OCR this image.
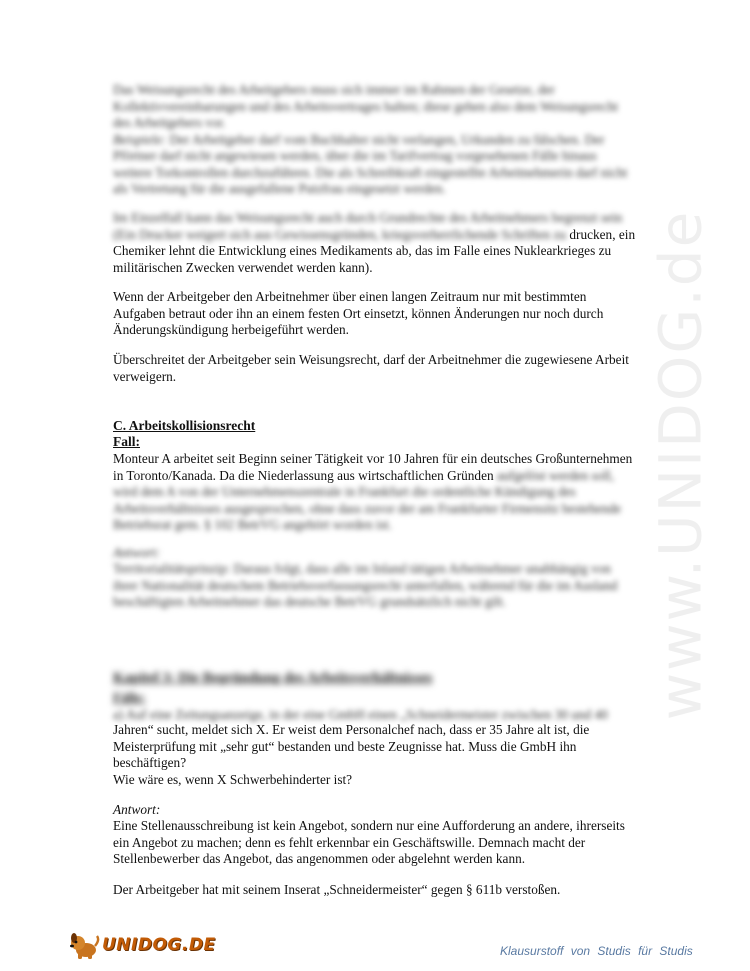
www.UNIDOG.de

Das Weisungsrecht des Arbeitgebers muss sich immer im Rahmen der Gesetze, der Kollektivvereinbarungen und des Arbeitsvertrages halten; diese gehen also dem Weisungsrecht des Arbeitgebers vor.
Beispiele: Der Arbeitgeber darf vom Buchhalter nicht verlangen, Urkunden zu fälschen. Der Pförtner darf nicht angewiesen werden, über die im Tarifvertrag vorgesehenen Fälle hinaus weitere Torkontrollen durchzuführen. Die als Schreibkraft eingestellte Arbeitnehmerin darf nicht als Vertretung für die ausgefallene Putzfrau eingesetzt werden.

Im Einzelfall kann das Weisungsrecht auch durch Grundrechte des Arbeitnehmers begrenzt sein (Ein Drucker weigert sich aus Gewissensgründen, kriegsverherrlichende Schriften zu drucken, ein Chemiker lehnt die Entwicklung eines Medikaments ab, das im Falle eines Nuklearkrieges zu militärischen Zwecken verwendet werden kann).

Wenn der Arbeitgeber den Arbeitnehmer über einen langen Zeitraum nur mit bestimmten Aufgaben betraut oder ihn an einem festen Ort einsetzt, können Änderungen nur noch durch Änderungskündigung herbeigeführt werden.

Überschreitet der Arbeitgeber sein Weisungsrecht, darf der Arbeitnehmer die zugewiesene Arbeit verweigern.

C. Arbeitskollisionsrecht

Fall:

Monteur A arbeitet seit Beginn seiner Tätigkeit vor 10 Jahren für ein deutsches Großunternehmen in Toronto/Kanada. Da die Niederlassung aus wirtschaftlichen Gründen aufgelöst werden soll, wird dem A von der Unternehmenszentrale in Frankfurt die ordentliche Kündigung des Arbeitsverhältnisses ausgesprochen, ohne dass zuvor der am Frankfurter Firmensitz bestehende Betriebsrat gem. § 102 BetrVG angehört worden ist.

Antwort:

Territorialitätsprinzip: Daraus folgt, dass alle im Inland tätigen Arbeitnehmer unabhängig von ihrer Nationalität deutschem Betriebsverfassungsrecht unterfallen, während für die im Ausland beschäftigten Arbeitnehmer das deutsche BetrVG grundsätzlich nicht gilt.

Kapitel 3: Die Begründung des Arbeitsverhältnisses

Fälle:

a) Auf eine Zeitungsanzeige, in der eine GmbH einen „Schneidermeister zwischen 30 und 40

Jahren“ sucht, meldet sich X. Er weist dem Personalchef nach, dass er 35 Jahre alt ist, die Meisterprüfung mit „sehr gut“ bestanden und beste Zeugnisse hat. Muss die GmbH ihn beschäftigen?
Wie wäre es, wenn X Schwerbehinderter ist?

Antwort:

Eine Stellenausschreibung ist kein Angebot, sondern nur eine Aufforderung an andere, ihrerseits ein Angebot zu machen; denn es fehlt erkennbar ein Geschäftswille. Demnach macht der Stellenbewerber das Angebot, das angenommen oder abgelehnt werden kann.

Der Arbeitgeber hat mit seinem Inserat „Schneidermeister“ gegen § 611b verstoßen.

UNIDOG.DE	Klausurstoff von Studis für Studis
